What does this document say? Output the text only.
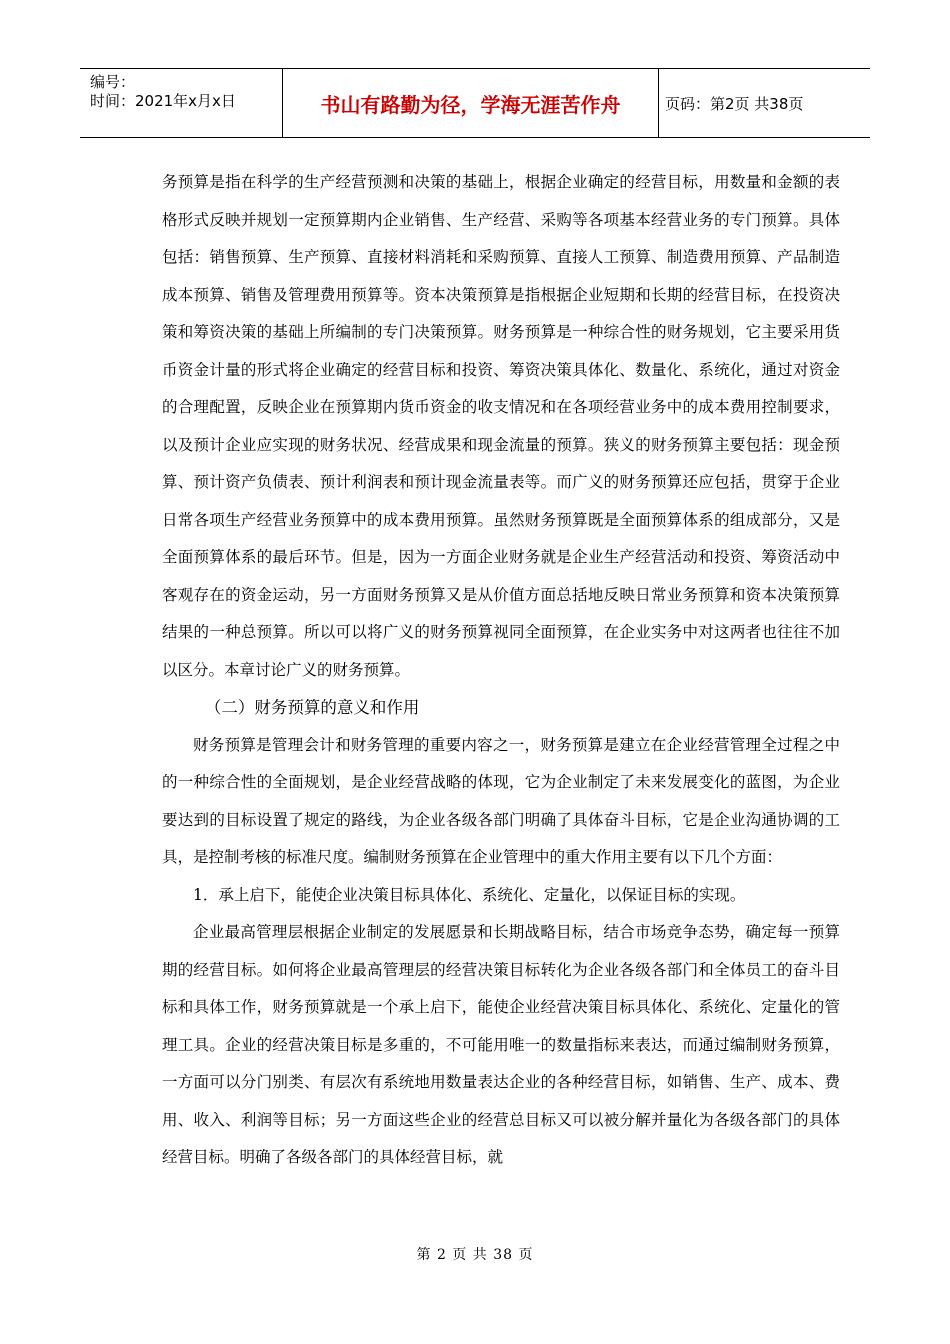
编号：
时间：2021年x月x日	书山有路勤为径，学海无涯苦作舟	页码：第2页 共38页

务预算是指在科学的生产经营预测和决策的基础上，根据企业确定的经营目标，用数量和金额的表格形式反映并规划一定预算期内企业销售、生产经营、采购等各项基本经营业务的专门预算。具体包括：销售预算、生产预算、直接材料消耗和采购预算、直接人工预算、制造费用预算、产品制造成本预算、销售及管理费用预算等。资本决策预算是指根据企业短期和长期的经营目标，在投资决策和筹资决策的基础上所编制的专门决策预算。财务预算是一种综合性的财务规划，它主要采用货币资金计量的形式将企业确定的经营目标和投资、筹资决策具体化、数量化、系统化，通过对资金的合理配置，反映企业在预算期内货币资金的收支情况和在各项经营业务中的成本费用控制要求，以及预计企业应实现的财务状况、经营成果和现金流量的预算。狭义的财务预算主要包括：现金预算、预计资产负债表、预计利润表和预计现金流量表等。而广义的财务预算还应包括，贯穿于企业日常各项生产经营业务预算中的成本费用预算。虽然财务预算既是全面预算体系的组成部分，又是全面预算体系的最后环节。但是，因为一方面企业财务就是企业生产经营活动和投资、筹资活动中客观存在的资金运动，另一方面财务预算又是从价值方面总括地反映日常业务预算和资本决策预算结果的一种总预算。所以可以将广义的财务预算视同全面预算，在企业实务中对这两者也往往不加以区分。本章讨论广义的财务预算。

（二）财务预算的意义和作用

财务预算是管理会计和财务管理的重要内容之一，财务预算是建立在企业经营管理全过程之中的一种综合性的全面规划，是企业经营战略的体现，它为企业制定了未来发展变化的蓝图，为企业要达到的目标设置了规定的路线，为企业各级各部门明确了具体奋斗目标，它是企业沟通协调的工具，是控制考核的标准尺度。编制财务预算在企业管理中的重大作用主要有以下几个方面：

1．承上启下，能使企业决策目标具体化、系统化、定量化，以保证目标的实现。

企业最高管理层根据企业制定的发展愿景和长期战略目标，结合市场竞争态势，确定每一预算期的经营目标。如何将企业最高管理层的经营决策目标转化为企业各级各部门和全体员工的奋斗目标和具体工作，财务预算就是一个承上启下，能使企业经营决策目标具体化、系统化、定量化的管理工具。企业的经营决策目标是多重的，不可能用唯一的数量指标来表达，而通过编制财务预算，一方面可以分门别类、有层次有系统地用数量表达企业的各种经营目标，如销售、生产、成本、费用、收入、利润等目标；另一方面这些企业的经营总目标又可以被分解并量化为各级各部门的具体经营目标。明确了各级各部门的具体经营目标，就

第 2 页 共 38 页
